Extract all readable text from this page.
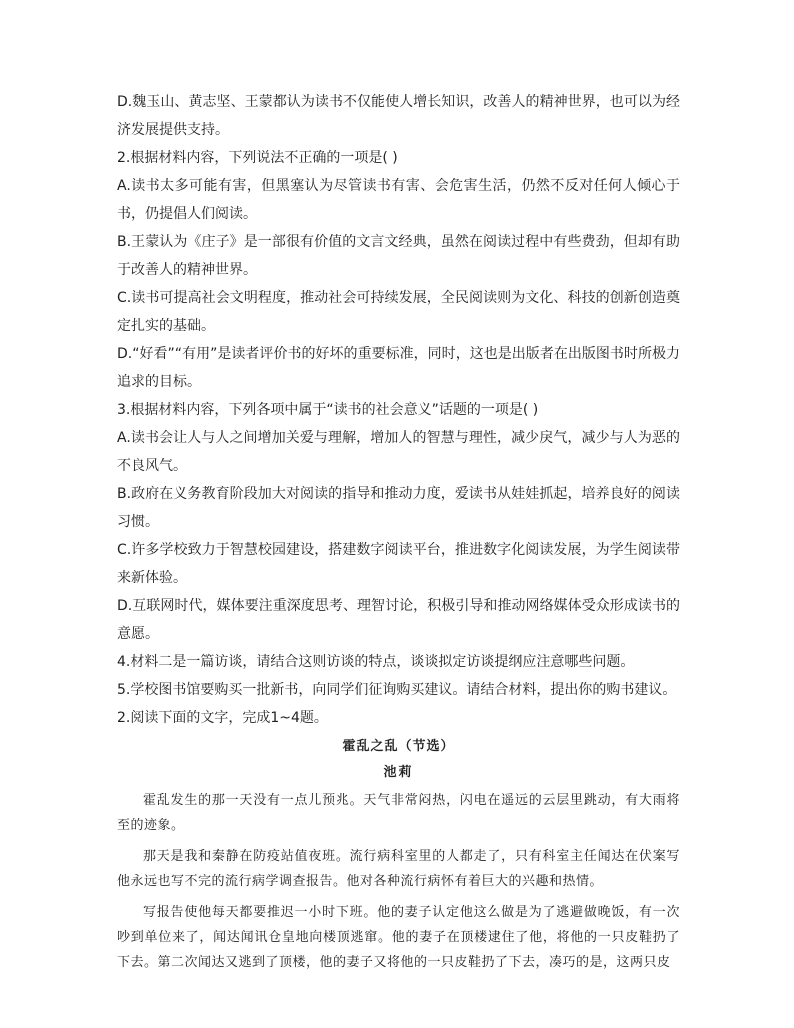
D.魏玉山、黄志坚、王蒙都认为读书不仅能使人增长知识，改善人的精神世界，也可以为经济发展提供支持。

2.根据材料内容，下列说法不正确的一项是( )

A.读书太多可能有害，但黑塞认为尽管读书有害、会危害生活，仍然不反对任何人倾心于书，仍提倡人们阅读。

B.王蒙认为《庄子》是一部很有价值的文言文经典，虽然在阅读过程中有些费劲，但却有助于改善人的精神世界。

C.读书可提高社会文明程度，推动社会可持续发展，全民阅读则为文化、科技的创新创造奠定扎实的基础。

D.“好看”“有用”是读者评价书的好坏的重要标准，同时，这也是出版者在出版图书时所极力追求的目标。

3.根据材料内容，下列各项中属于“读书的社会意义”话题的一项是( )

A.读书会让人与人之间增加关爱与理解，增加人的智慧与理性，减少戾气，减少与人为恶的不良风气。

B.政府在义务教育阶段加大对阅读的指导和推动力度，爱读书从娃娃抓起，培养良好的阅读习惯。

C.许多学校致力于智慧校园建设，搭建数字阅读平台，推进数字化阅读发展，为学生阅读带来新体验。

D.互联网时代，媒体要注重深度思考、理智讨论，积极引导和推动网络媒体受众形成读书的意愿。

4.材料二是一篇访谈，请结合这则访谈的特点，谈谈拟定访谈提纲应注意哪些问题。

5.学校图书馆要购买一批新书，向同学们征询购买建议。请结合材料，提出你的购书建议。

2.阅读下面的文字，完成1~4题。

霍乱之乱（节选）

池莉

霍乱发生的那一天没有一点儿预兆。天气非常闷热，闪电在遥远的云层里跳动，有大雨将至的迹象。

那天是我和秦静在防疫站值夜班。流行病科室里的人都走了，只有科室主任闻达在伏案写他永远也写不完的流行病学调查报告。他对各种流行病怀有着巨大的兴趣和热情。

写报告使他每天都要推迟一小时下班。他的妻子认定他这么做是为了逃避做晚饭，有一次吵到单位来了，闻达闻讯仓皇地向楼顶逃窜。他的妻子在顶楼逮住了他，将他的一只皮鞋扔了下去。第二次闻达又逃到了顶楼，他的妻子又将他的一只皮鞋扔了下去，凑巧的是，这两只皮
